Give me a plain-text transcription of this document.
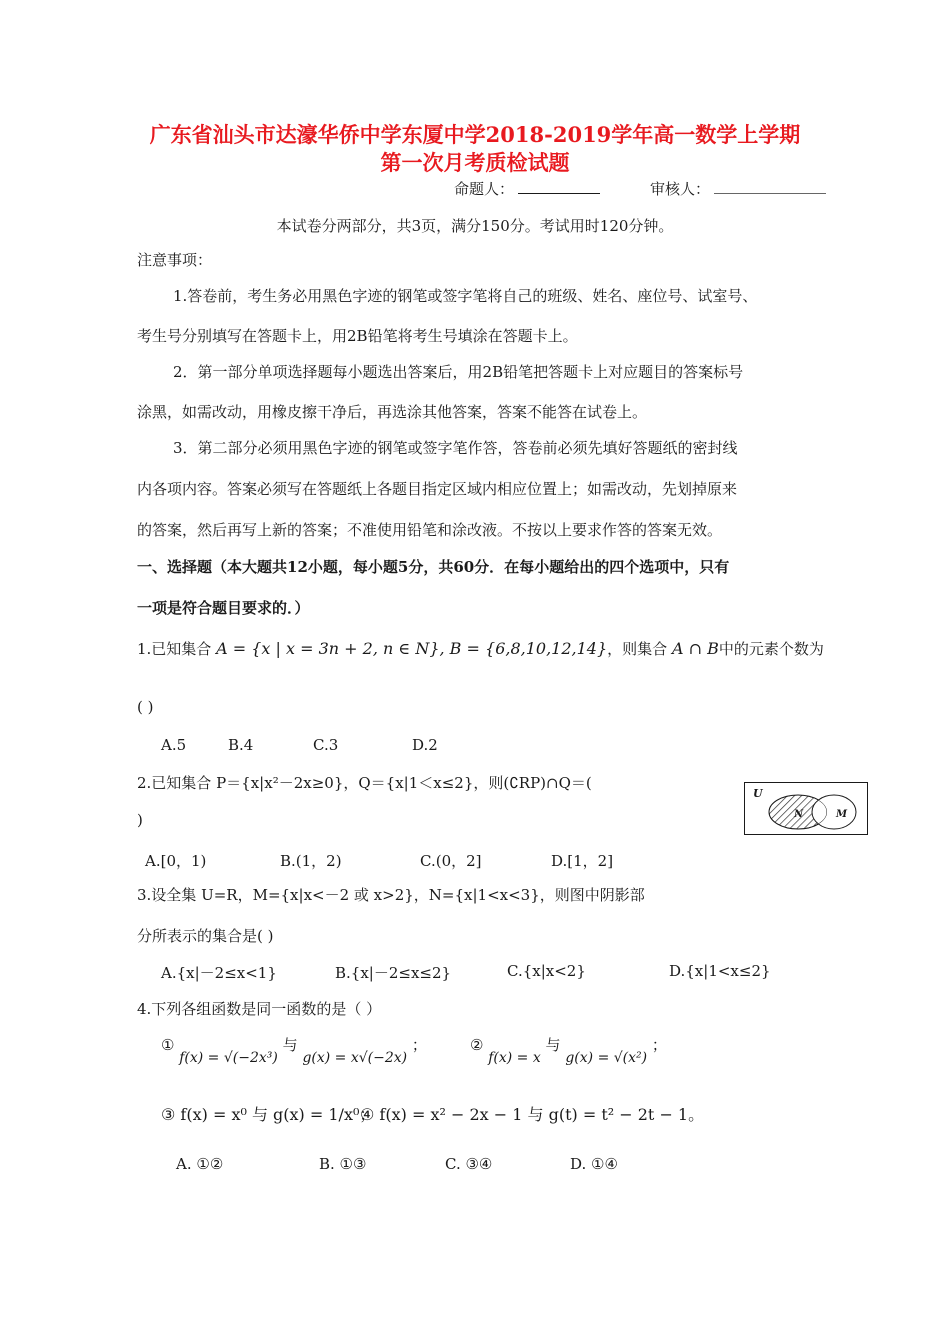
广东省汕头市达濠华侨中学东厦中学2018-2019学年高一数学上学期
第一次月考质检试题
命题人：	审核人：
本试卷分两部分，共3页，满分150分。考试用时120分钟。
注意事项：
1.答卷前，考生务必用黑色字迹的钢笔或签字笔将自己的班级、姓名、座位号、试室号、
考生号分别填写在答题卡上，用2B铅笔将考生号填涂在答题卡上。
2．第一部分单项选择题每小题选出答案后，用2B铅笔把答题卡上对应题目的答案标号
涂黑，如需改动，用橡皮擦干净后，再选涂其他答案，答案不能答在试卷上。
3．第二部分必须用黑色字迹的钢笔或签字笔作答，答卷前必须先填好答题纸的密封线
内各项内容。答案必须写在答题纸上各题目指定区域内相应位置上；如需改动，先划掉原来
的答案，然后再写上新的答案；不准使用铅笔和涂改液。不按以上要求作答的答案无效。
一、选择题（本大题共12小题，每小题5分，共60分．在每小题给出的四个选项中，只有
一项是符合题目要求的．）
1.已知集合 A = {x | x = 3n + 2, n ∈ N}, B = {6,8,10,12,14}，则集合 A ∩ B中的元素个数为
( )
A.5	B.4	C.3	D.2
2.已知集合 P＝{x|x²－2x≥0}，Q＝{x|1＜x≤2}，则(∁RP)∩Q＝(
)
A.[0，1)	B.(1，2)	C.(0，2]	D.[1，2]
U
N	M
3.设全集 U=R，M={x|x<－2 或 x>2}，N={x|1<x<3}，则图中阴影部
分所表示的集合是( )
A.{x|－2≤x<1}	B.{x|－2≤x≤2}	C.{x|x<2}	D.{x|1<x≤2}
4.下列各组函数是同一函数的是（ ）
① f(x) = √(−2x³) 与 g(x) = x√(−2x) ；	② f(x) = x 与 g(x) = √(x²) ；
③ f(x) = x⁰ 与 g(x) = 1/x⁰；
④ f(x) = x² − 2x − 1 与 g(t) = t² − 2t − 1。
A. ①②	B. ①③	C. ③④	D. ①④
